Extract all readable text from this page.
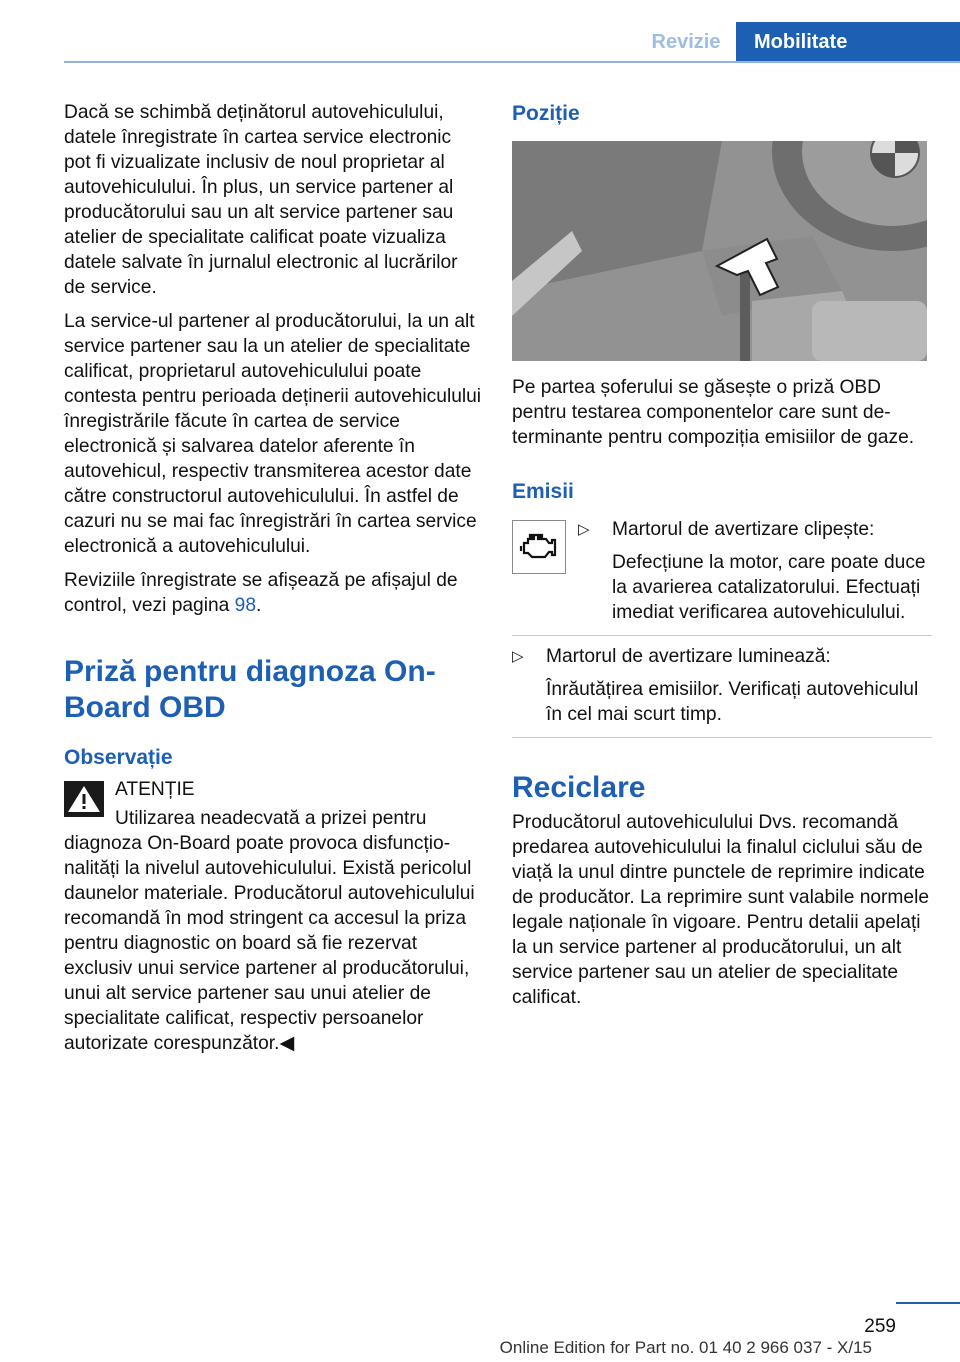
Revizie	Mobilitate

Dacă se schimbă deținătorul autovehiculului, datele înregistrate în cartea service electronic pot fi vizualizate inclusiv de noul proprietar al autovehiculului. În plus, un service partener al producătorului sau un alt service partener sau atelier de specialitate calificat poate vizualiza datele salvate în jurnalul electronic al lucrărilor de service.

La service-ul partener al producătorului, la un alt service partener sau la un atelier de specialitate calificat, proprietarul autovehiculului poate contesta pentru perioada deținerii autovehiculului înregistrările făcute în cartea de service electronică și salvarea datelor aferente în autovehicul, respectiv transmiterea acestor date către constructorul autovehiculului. În astfel de cazuri nu se mai fac înregistrări în cartea service electronică a autovehiculului.

Reviziile înregistrate se afișează pe afișajul de control, vezi pagina 98.

Priză pentru diagnoza On-Board OBD
Observație

ATENȚIE

Utilizarea neadecvată a prizei pentru diagnoza On-Board poate provoca disfuncționalități la nivelul autovehiculului. Există pericolul daunelor materiale. Producătorul autovehiculului recomandă în mod stringent ca accesul la priza pentru diagnostic on board să fie rezervat exclusiv unui service partener al producătorului, unui alt service partener sau unui atelier de specialitate calificat, respectiv persoanelor autorizate corespunzător.◀

Poziție

Pe partea șoferului se găsește o priză OBD pentru testarea componentelor care sunt determinante pentru compoziția emisiilor de gaze.

Emisii
▷ Martorul de avertizare clipește:
Defecțiune la motor, care poate duce la avarierea catalizatorului. Efectuați imediat verificarea autovehiculului.
▷ Martorul de avertizare luminează:
Înrăutățirea emisiilor. Verificați autovehiculul în cel mai scurt timp.
Reciclare

Producătorul autovehiculului Dvs. recomandă predarea autovehiculului la finalul ciclului său de viață la unul dintre punctele de reprimire indicate de producător. La reprimire sunt valabile normele legale naționale în vigoare. Pentru detalii apelați la un service partener al producătorului, un alt service partener sau un atelier de specialitate calificat.

259
Online Edition for Part no. 01 40 2 966 037 - X/15
